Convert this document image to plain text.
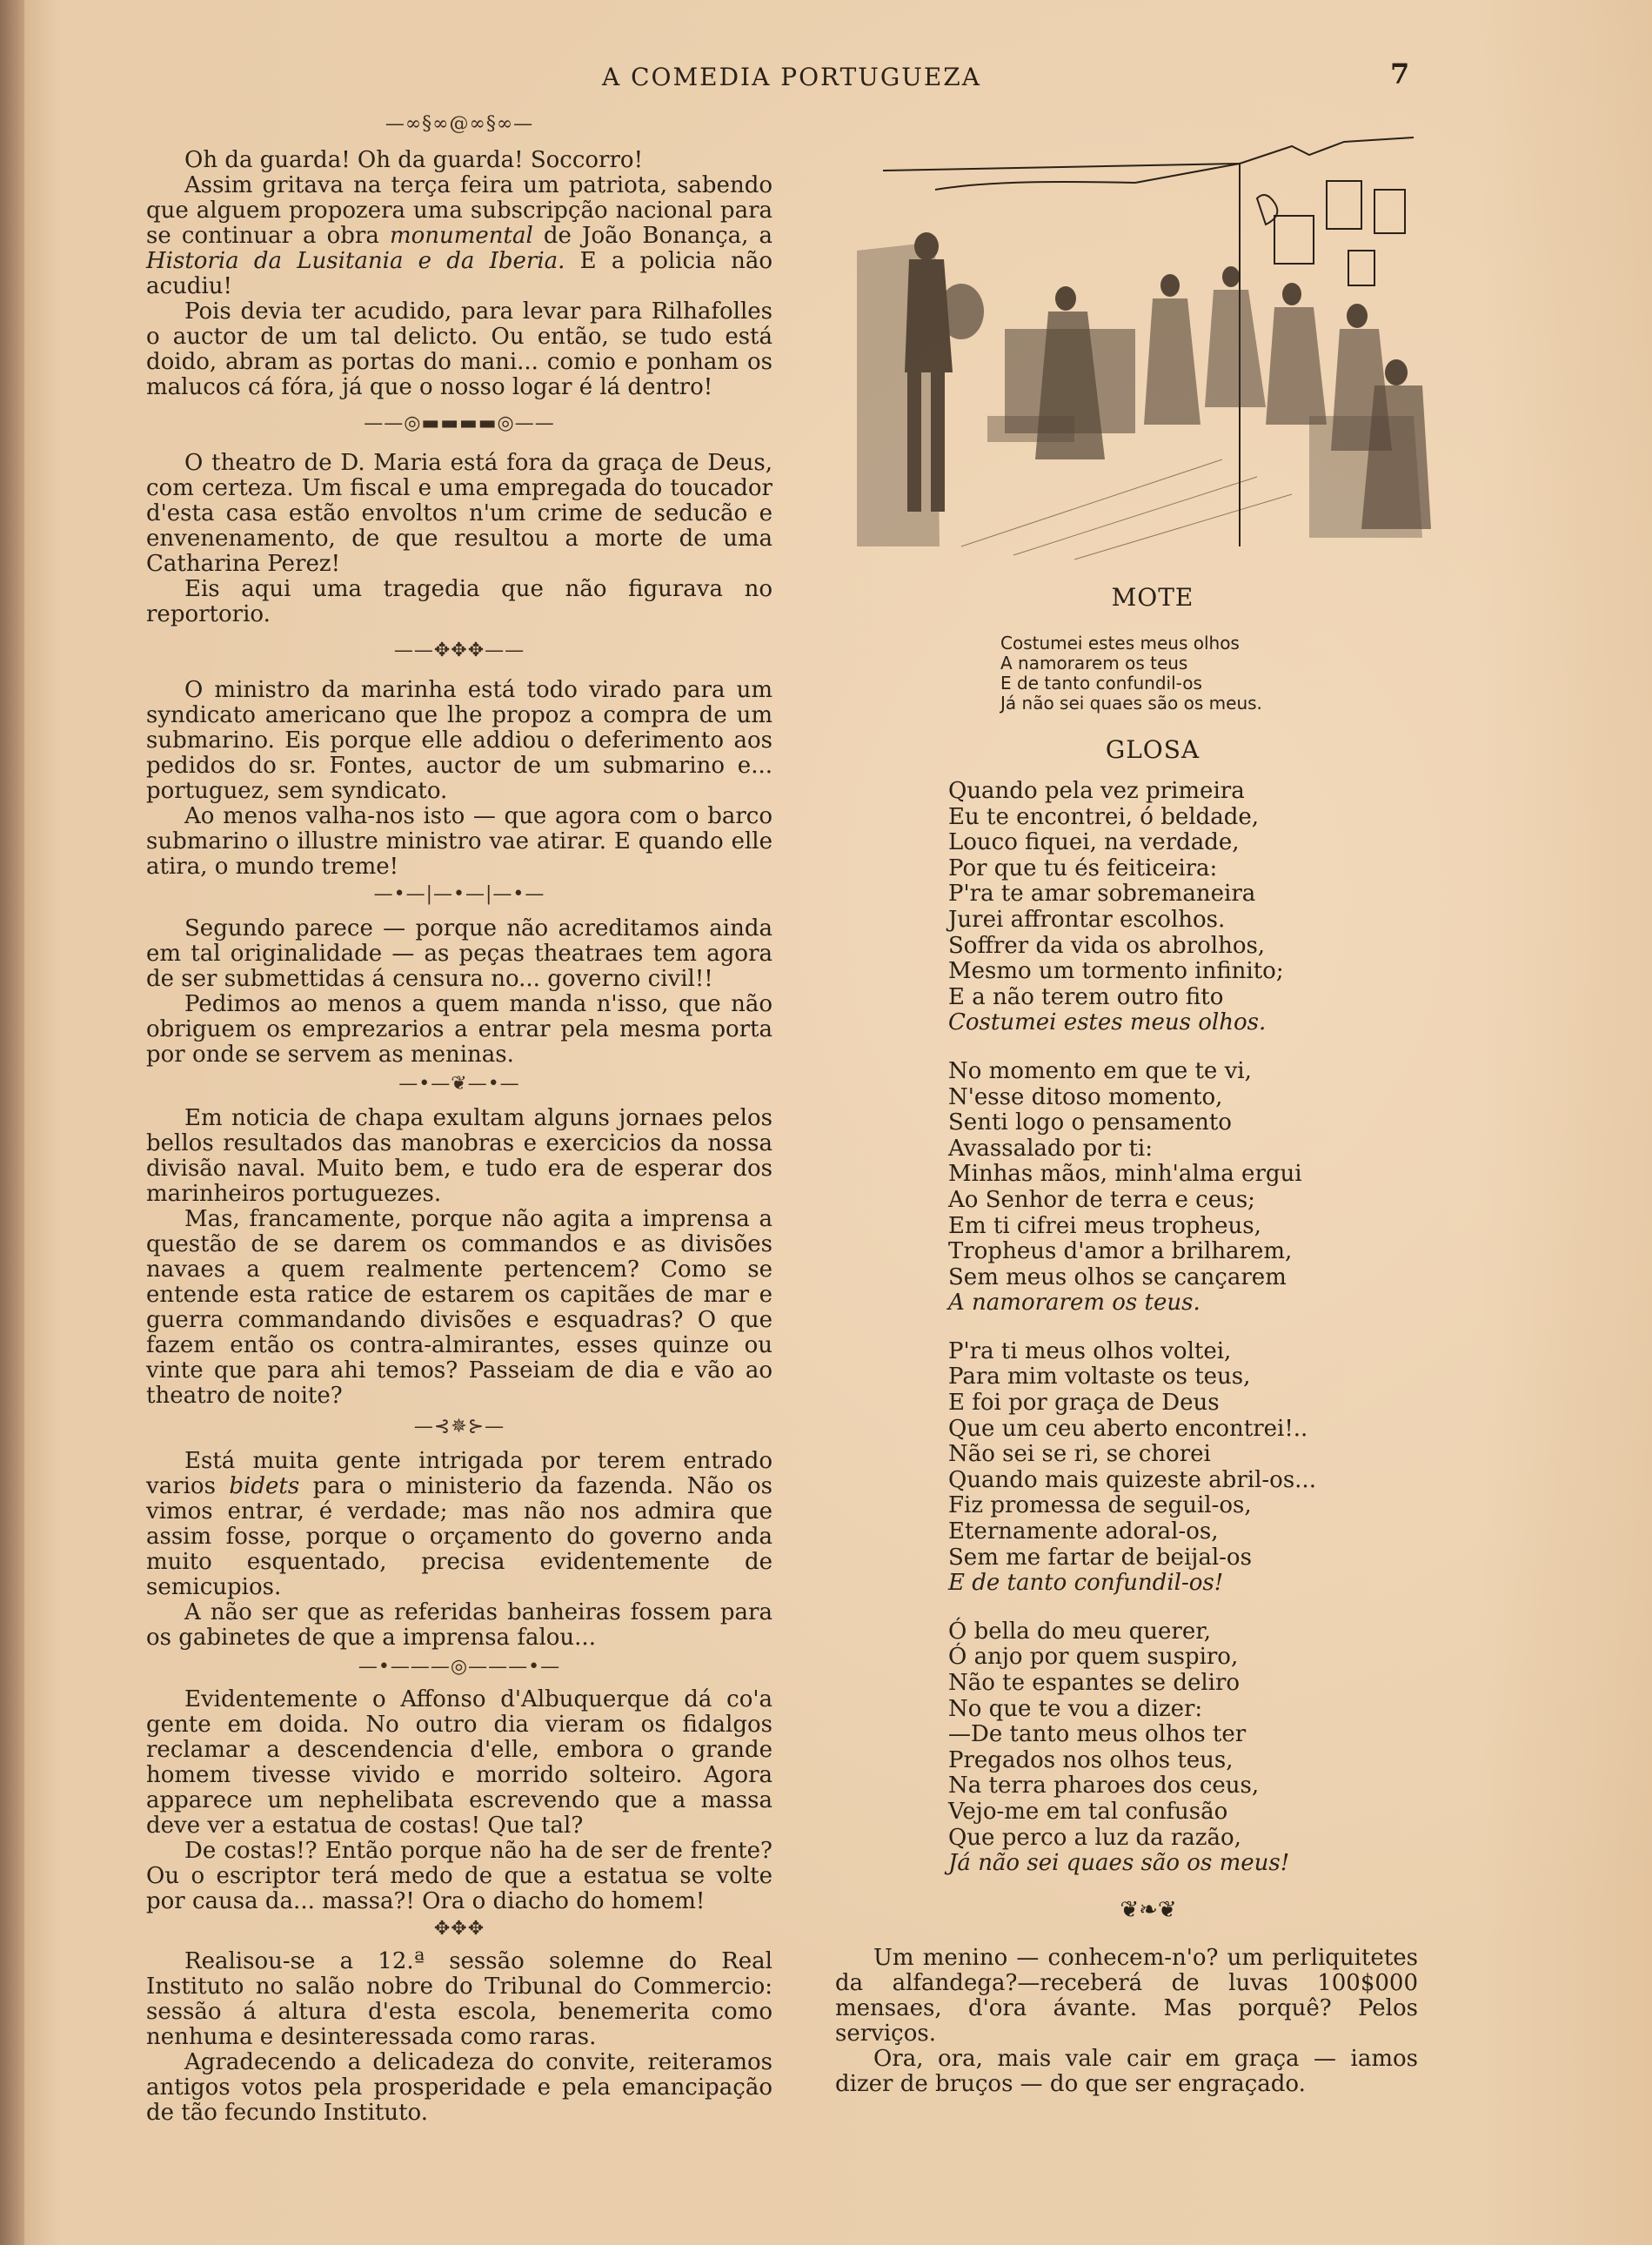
A COMEDIA PORTUGUEZA	7
—∞§∞@∞§∞—

Oh da guarda! Oh da guarda! Soccorro!

Assim gritava na terça feira um patriota, sabendo que alguem propozera uma subscripção nacional para se continuar a obra monumental de João Bonança, a Historia da Lusitania e da Iberia. E a policia não acudiu!

Pois devia ter acudido, para levar para Rilhafolles o auctor de um tal delicto. Ou então, se tudo está doido, abram as portas do mani... comio e ponham os malucos cá fóra, já que o nosso logar é lá dentro!

——◎▬▬▬▬◎——

O theatro de D. Maria está fora da graça de Deus, com certeza. Um fiscal e uma empregada do toucador d'esta casa estão envoltos n'um crime de seducão e envenenamento, de que resultou a morte de uma Catharina Perez!

Eis aqui uma tragedia que não figurava no reportorio.

——✥✥✥——

O ministro da marinha está todo virado para um syndicato americano que lhe propoz a compra de um submarino. Eis porque elle addiou o deferimento aos pedidos do sr. Fontes, auctor de um submarino e... portuguez, sem syndicato.

Ao menos valha-nos isto — que agora com o barco submarino o illustre ministro vae atirar. E quando elle atira, o mundo treme!

—•—|—•—|—•—

Segundo parece — porque não acreditamos ainda em tal originalidade — as peças theatraes tem agora de ser submettidas á censura no... governo civil!!

Pedimos ao menos a quem manda n'isso, que não obriguem os emprezarios a entrar pela mesma porta por onde se servem as meninas.

—•—❦—•—

Em noticia de chapa exultam alguns jornaes pelos bellos resultados das manobras e exercicios da nossa divisão naval. Muito bem, e tudo era de esperar dos marinheiros portuguezes.

Mas, francamente, porque não agita a imprensa a questão de se darem os commandos e as divisões navaes a quem realmente pertencem? Como se entende esta ratice de estarem os capitães de mar e guerra commandando divisões e esquadras? O que fazem então os contra-almirantes, esses quinze ou vinte que para ahi temos? Passeiam de dia e vão ao theatro de noite?

—⊰✵⊱—

Está muita gente intrigada por terem entrado varios bidets para o ministerio da fazenda. Não os vimos entrar, é verdade; mas não nos admira que assim fosse, porque o orçamento do governo anda muito esquentado, precisa evidentemente de semicupios.

A não ser que as referidas banheiras fossem para os gabinetes de que a imprensa falou...

—•———◎———•—

Evidentemente o Affonso d'Albuquerque dá co'a gente em doida. No outro dia vieram os fidalgos reclamar a descendencia d'elle, embora o grande homem tivesse vivido e morrido solteiro. Agora apparece um nephelibata escrevendo que a massa deve ver a estatua de costas! Que tal?

De costas!? Então porque não ha de ser de frente? Ou o escriptor terá medo de que a estatua se volte por causa da... massa?! Ora o diacho do homem!

✥✥✥

Realisou-se a 12.ª sessão solemne do Real Instituto no salão nobre do Tribunal do Commercio: sessão á altura d'esta escola, benemerita como nenhuma e desinteressada como raras.

Agradecendo a delicadeza do convite, reiteramos antigos votos pela prosperidade e pela emancipação de tão fecundo Instituto.

MOTE
Costumei estes meus olhos
A namorarem os teus
E de tanto confundil-os
Já não sei quaes são os meus.
GLOSA
Quando pela vez primeira
Eu te encontrei, ó beldade,
Louco fiquei, na verdade,
Por que tu és feiticeira:
P'ra te amar sobremaneira
Jurei affrontar escolhos.
Soffrer da vida os abrolhos,
Mesmo um tormento infinito;
E a não terem outro fito
Costumei estes meus olhos.
No momento em que te vi,
N'esse ditoso momento,
Senti logo o pensamento
Avassalado por ti:
Minhas mãos, minh'alma ergui
Ao Senhor de terra e ceus;
Em ti cifrei meus tropheus,
Tropheus d'amor a brilharem,
Sem meus olhos se cançarem
A namorarem os teus.
P'ra ti meus olhos voltei,
Para mim voltaste os teus,
E foi por graça de Deus
Que um ceu aberto encontrei!..
Não sei se ri, se chorei
Quando mais quizeste abril-os...
Fiz promessa de seguil-os,
Eternamente adoral-os,
Sem me fartar de beijal-os
E de tanto confundil-os!
Ó bella do meu querer,
Ó anjo por quem suspiro,
Não te espantes se deliro
No que te vou a dizer:
—De tanto meus olhos ter
Pregados nos olhos teus,
Na terra pharoes dos ceus,
Vejo-me em tal confusão
Que perco a luz da razão,
Já não sei quaes são os meus!
❦❧❦

Um menino — conhecem-n'o? um perliquitetes da alfandega?—receberá de luvas 100$000 mensaes, d'ora ávante. Mas porquê? Pelos serviços.

Ora, ora, mais vale cair em graça — iamos dizer de bruços — do que ser engraçado.
